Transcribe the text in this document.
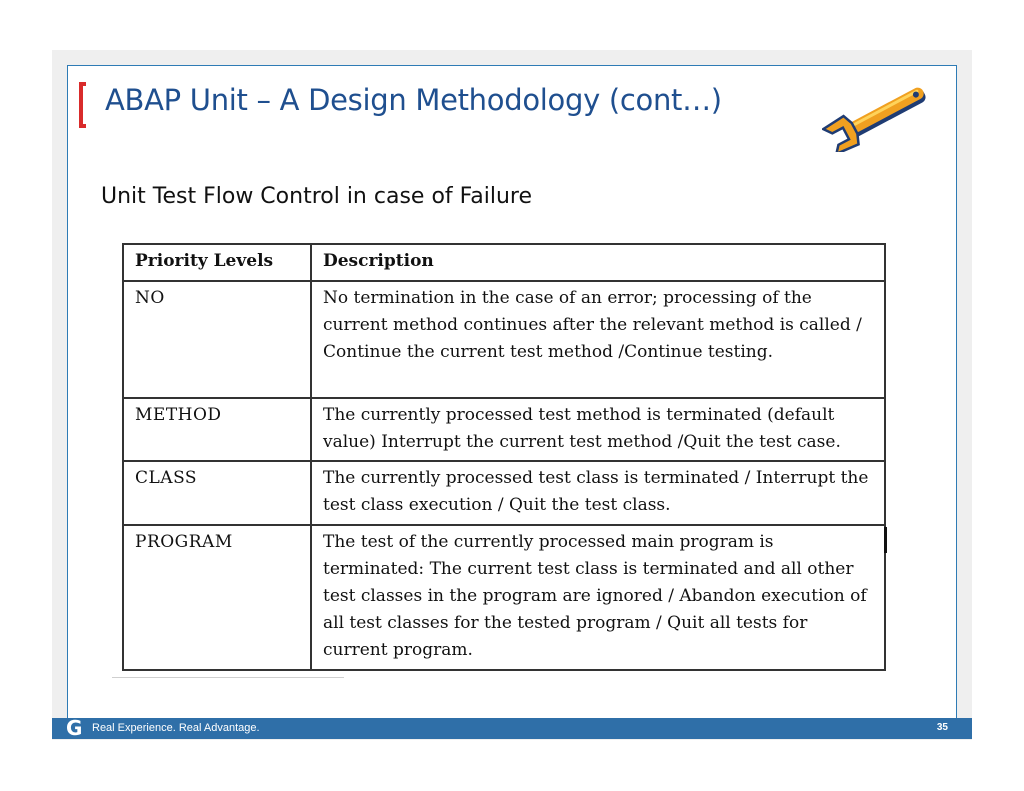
ABAP Unit – A Design Methodology (cont…)
Unit Test Flow Control in case of Failure
Priority Levels	Description
NO	No termination in the case of an error; processing of the current method continues after the relevant method is called / Continue the current test method /Continue testing.
METHOD	The currently processed test method is terminated (default value) Interrupt the current test method /Quit the test case.
CLASS	The currently processed test class is terminated / Interrupt the test class execution / Quit the test class.
PROGRAM	The test of the currently processed main program is terminated: The current test class is terminated and all other test classes in the program are ignored / Abandon execution of all test classes for the tested program / Quit all tests for current program.
G Real Experience. Real Advantage.	35
